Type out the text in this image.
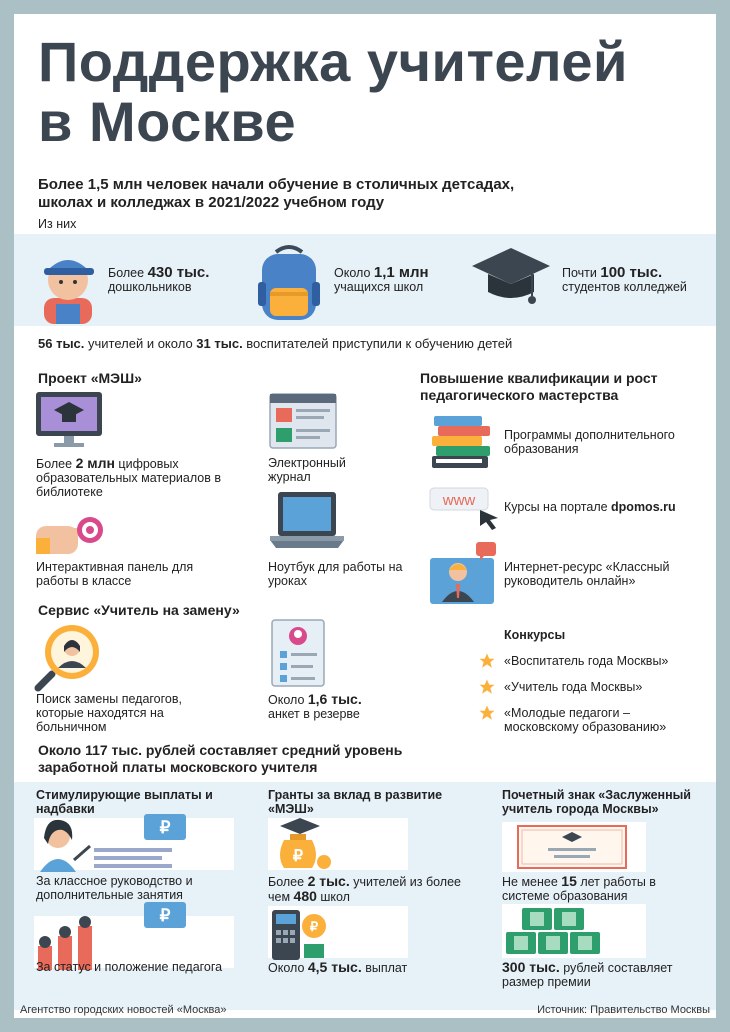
Поддержка учителей
в Москве
Более 1,5 млн человек начали обучение в столичных детсадах, школах и колледжах в 2021/2022 учебном году
Из них
Более 430 тыс.
дошкольников
Около 1,1 млн
учащихся школ
Почти 100 тыс.
студентов колледжей
56 тыс. учителей и около 31 тыс. воспитателей приступили к обучению детей
Проект «МЭШ»
Более 2 млн цифровых образовательных материалов в библиотеке
Электронный журнал
Интерактивная панель для работы в классе
Ноутбук для работы на уроках
Сервис «Учитель на замену»
Поиск замены педагогов, которые находятся на больничном
Около 1,6 тыс.
анкет в резерве
Повышение квалификации и рост педагогического мастерства
Программы дополнительного образования
www Курсы на портале dpomos.ru
Интернет-ресурс «Классный руководитель онлайн»
Конкурсы
«Воспитатель года Москвы»
«Учитель года Москвы»
«Молодые педагоги – московскому образованию»
Около 117 тыс. рублей составляет средний уровень заработной платы московского учителя
Стимулирующие выплаты и надбавки
₽
За классное руководство и дополнительные занятия
₽
За статус и положение педагога
Гранты за вклад в развитие «МЭШ»
₽
Более 2 тыс. учителей из более чем 480 школ
₽
Около 4,5 тыс. выплат
Почетный знак «Заслуженный учитель города Москвы»
Не менее 15 лет работы в системе образования
300 тыс. рублей составляет размер премии
Агентство городских новостей «Москва»	Источник: Правительство Москвы
